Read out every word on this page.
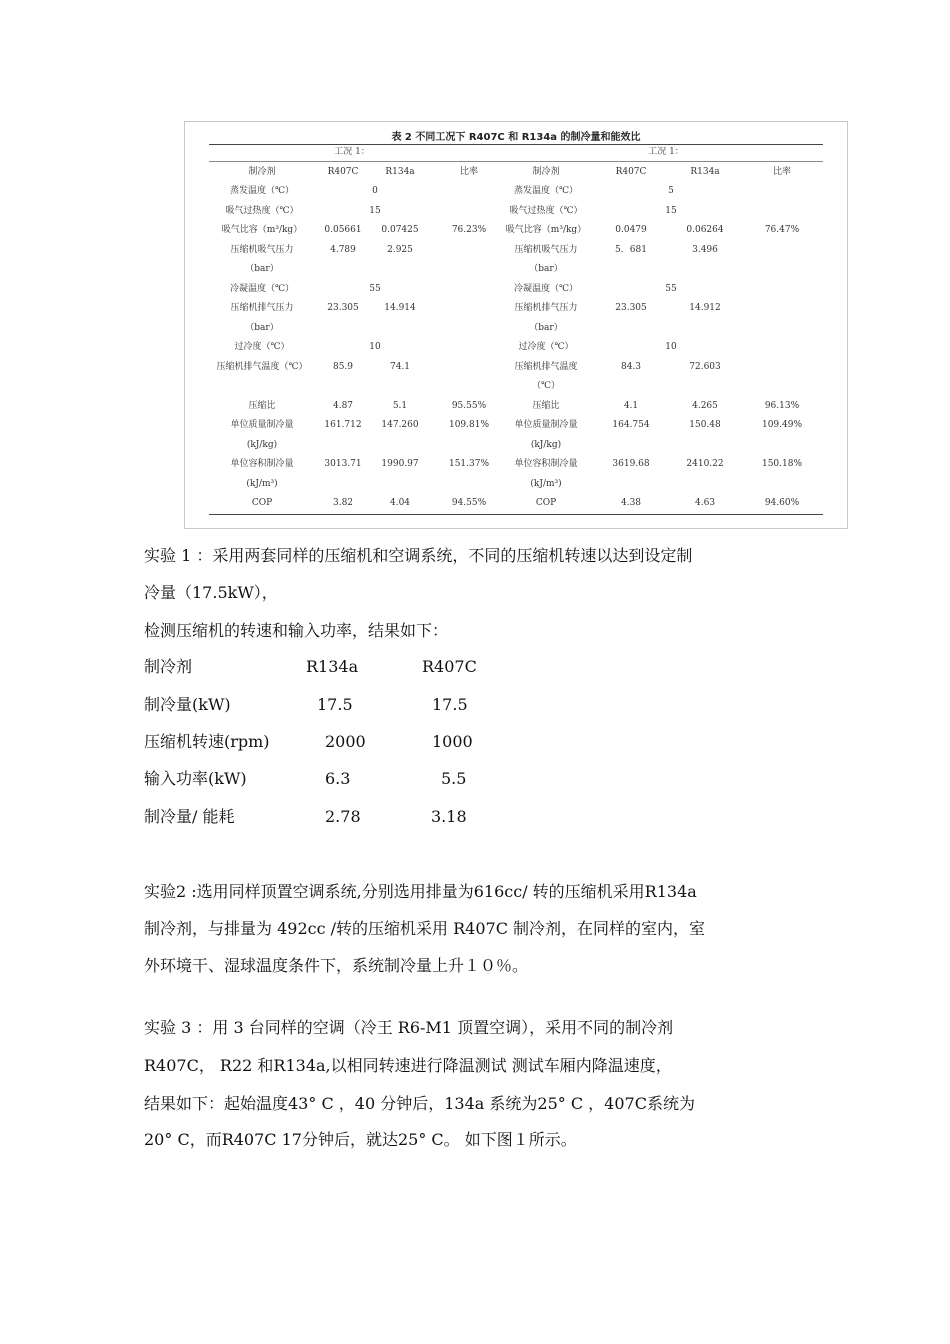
表 2 不同工况下 R407C 和 R134a 的制冷量和能效比
工况 1：	工况 1：
制冷剂	R407C	R134a	比率
蒸发温度（℃）	0
吸气过热度（℃）	15
吸气比容（m³/kg） 0.05661 0.07425	76.23%
压缩机吸气压力	4.789	2.925
（bar）
冷凝温度（℃）	55
压缩机排气压力	23.305	14.914
（bar）
过冷度（℃）	10
压缩机排气温度（℃）	85.9	74.1
压缩比	4.87	5.1	95.55%
单位质量制冷量	161.712 147.260	109.81%
(kJ/kg)
单位容积制冷量	3013.71 1990.97	151.37%
(kJ/m³)
COP	3.82	4.04	94.55%
制冷剂	R407C	R134a	比率
蒸发温度（℃）	5
吸气过热度（℃）	15
吸气比容（m³/kg）	0.0479	0.06264	76.47%
压缩机吸气压力	5．681	3.496
（bar）
冷凝温度（℃）	55
压缩机排气压力	23.305	14.912
（bar）
过冷度（℃）	10
压缩机排气温度	84.3	72.603
（℃）
压缩比	4.1	4.265	96.13%
单位质量制冷量	164.754	150.48	109.49%
(kJ/kg)
单位容积制冷量	3619.68	2410.22	150.18%
(kJ/m³)
COP	4.38	4.63	94.60%
实验 1 ：采用两套同样的压缩机和空调系统，不同的压缩机转速以达到设定制
冷量（17.5kW），
检测压缩机的转速和输入功率，结果如下：
制冷剂	R134a	R407C
制冷量(kW)	17.5	17.5
压缩机转速(rpm)	2000	1000
输入功率(kW)	6.3	5.5
制冷量/ 能耗	2.78	3.18
实验2 :选用同样顶置空调系统,分别选用排量为616cc/ 转的压缩机采用R134a
制冷剂，与排量为 492cc /转的压缩机采用 R407C 制冷剂，在同样的室内，室
外环境干、湿球温度条件下，系统制冷量上升１０％。
实验 3 ：用 3 台同样的空调（冷王 R6-M1 顶置空调），采用不同的制冷剂
R407C， R22 和R134a,以相同转速进行降温测试 测试车厢内降温速度，
结果如下：起始温度43° C ，40 分钟后，134a 系统为25° C ，407C系统为
20° C，而R407C 17分钟后，就达25° C。 如下图１所示。
